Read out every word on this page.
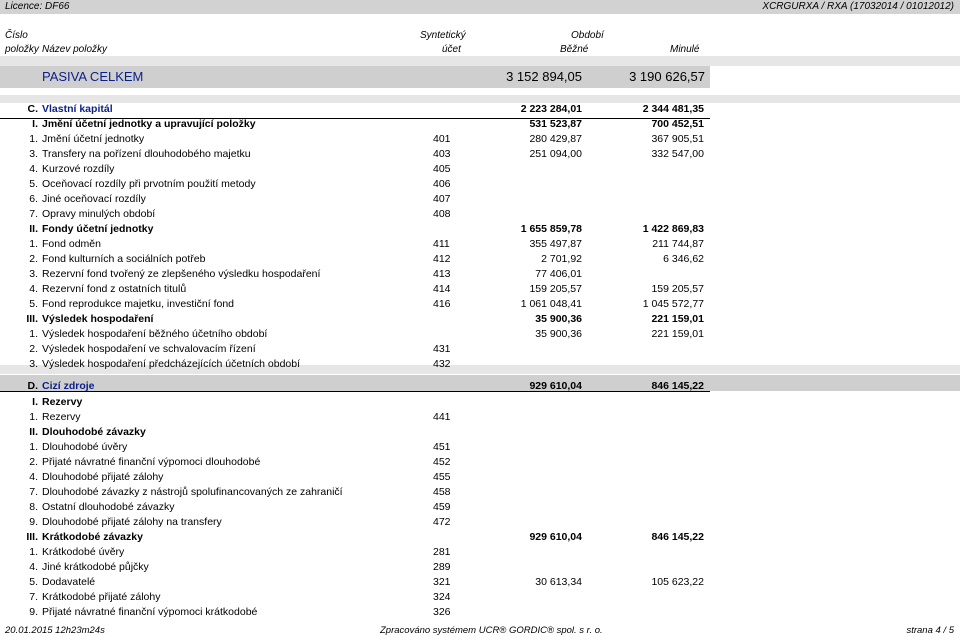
Licence: DF66	XCRGURXA / RXA (17032014 / 01012012)
Číslo
položky Název položky
Syntetický
účet
Období
Běžné	Minulé
PASIVA CELKEM	3 152 894,05	3 190 626,57
C. Vlastní kapitál	2 223 284,01	2 344 481,35
I. Jmění účetní jednotky a upravující položky	531 523,87	700 452,51
1. Jmění účetní jednotky	401	280 429,87	367 905,51
3. Transfery na pořízení dlouhodobého majetku	403	251 094,00	332 547,00
4. Kurzové rozdíly	405
5. Oceňovací rozdíly při prvotním použití metody	406
6. Jiné oceňovací rozdíly	407
7. Opravy minulých období	408
II. Fondy účetní jednotky	1 655 859,78	1 422 869,83
1. Fond odměn	411	355 497,87	211 744,87
2. Fond kulturních a sociálních potřeb	412	2 701,92	6 346,62
3. Rezervní fond tvořený ze zlepšeného výsledku hospodaření	413	77 406,01
4. Rezervní fond z ostatních titulů	414	159 205,57	159 205,57
5. Fond reprodukce majetku, investiční fond	416	1 061 048,41	1 045 572,77
III. Výsledek hospodaření	35 900,36	221 159,01
1. Výsledek hospodaření běžného účetního období	35 900,36	221 159,01
2. Výsledek hospodaření ve schvalovacím řízení	431
3. Výsledek hospodaření předcházejících účetních období	432
D. Cizí zdroje	929 610,04	846 145,22
I. Rezervy
1. Rezervy	441
II. Dlouhodobé závazky
1. Dlouhodobé úvěry	451
2. Přijaté návratné finanční výpomoci dlouhodobé	452
4. Dlouhodobé přijaté zálohy	455
7. Dlouhodobé závazky z nástrojů spolufinancovaných ze zahraničí	458
8. Ostatní dlouhodobé závazky	459
9. Dlouhodobé přijaté zálohy na transfery	472
III. Krátkodobé závazky	929 610,04	846 145,22
1. Krátkodobé úvěry	281
4. Jiné krátkodobé půjčky	289
5. Dodavatelé	321	30 613,34	105 623,22
7. Krátkodobé přijaté zálohy	324
9. Přijaté návratné finanční výpomoci krátkodobé	326
20.01.2015 12h23m24s	Zpracováno systémem UCR® GORDIC® spol. s r. o.	strana 4 / 5
